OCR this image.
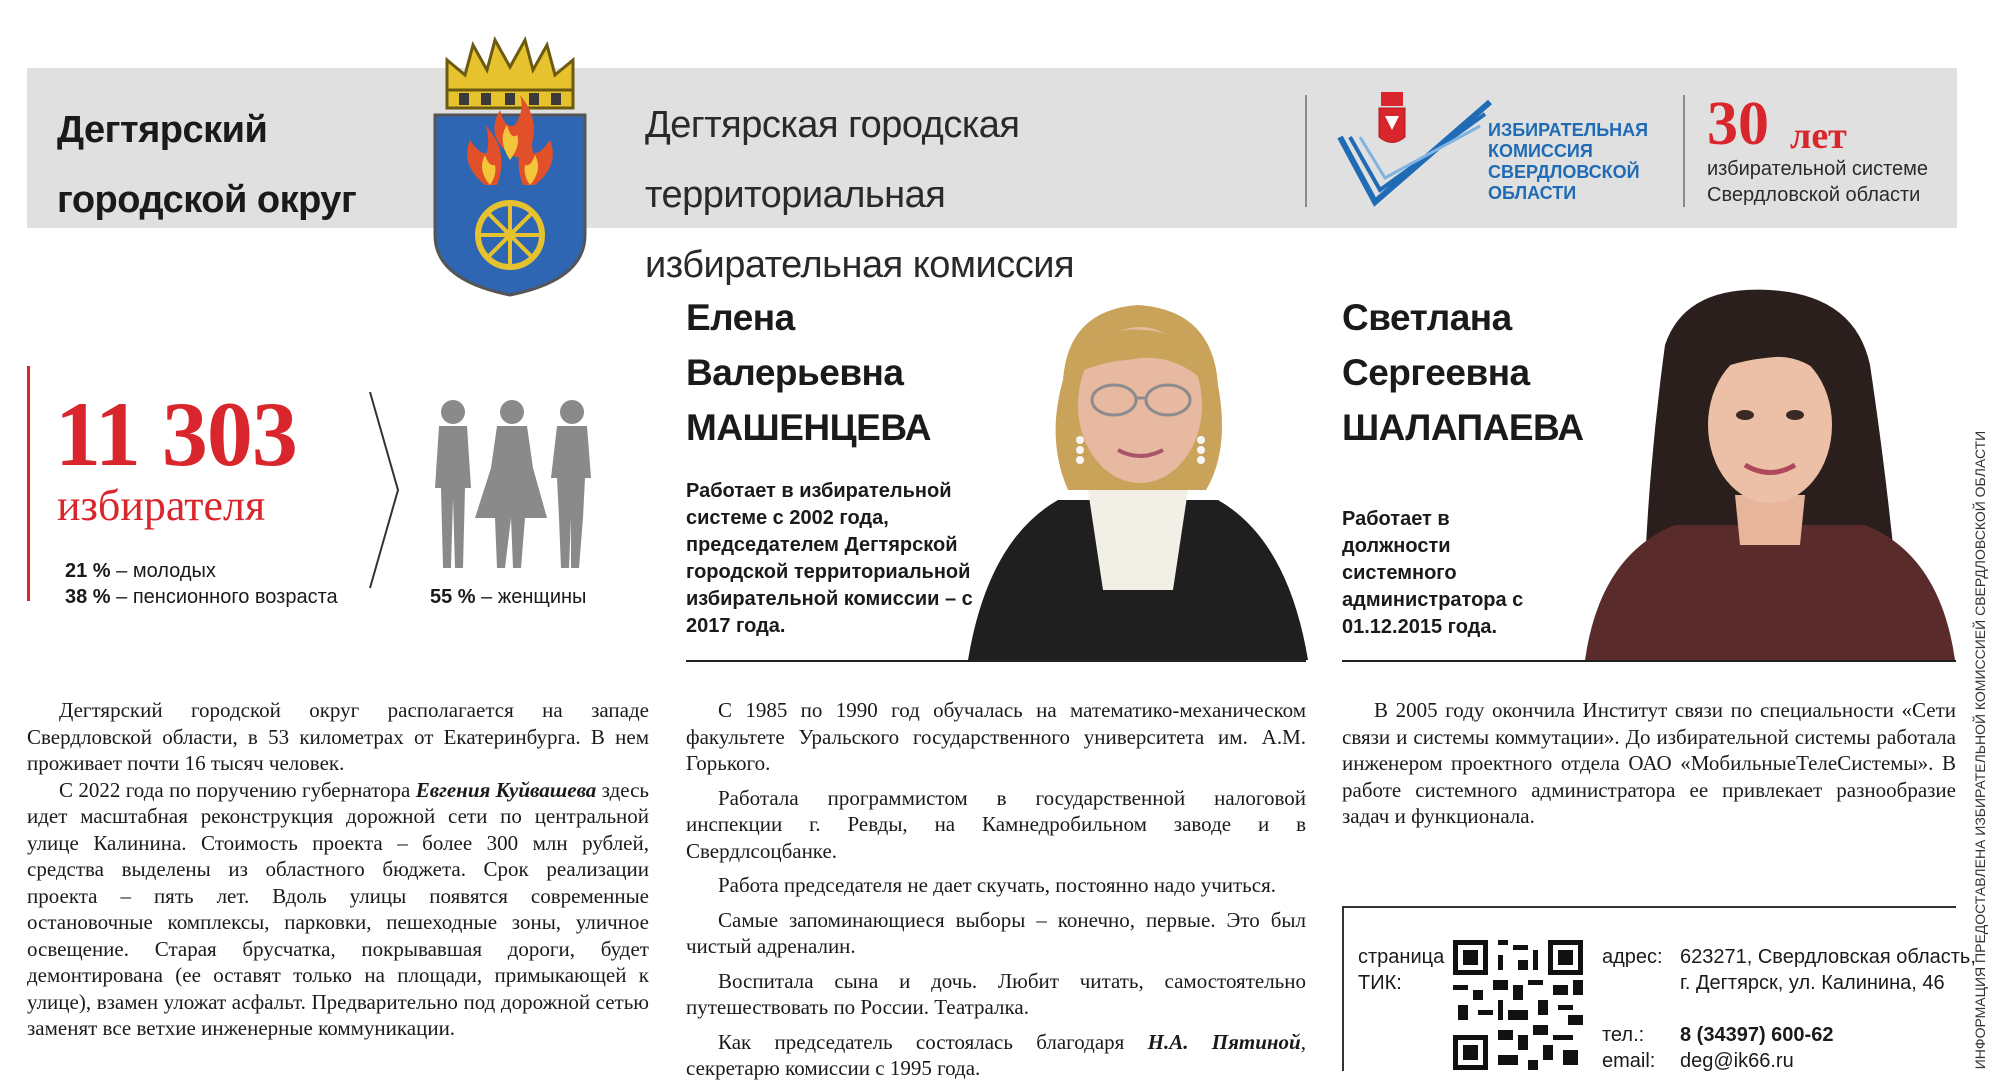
Дегтярский
городской округ
Дегтярская городская территориальная
избирательная комиссия
ИЗБИРАТЕЛЬНАЯ
КОМИССИЯ
СВЕРДЛОВСКОЙ
ОБЛАСТИ
30 лет
избирательной системе
Свердловской области
11 303
избирателя
21 % – молодых
38 % – пенсионного возраста	55 % – женщины
Елена
Валерьевна
МАШЕНЦЕВА
Работает в избирательной системе с 2002 года, председателем Дегтярской городской территориальной избирательной комиссии – с 2017 года.
Светлана
Сергеевна
ШАЛАПАЕВА
Работает в должности системного администратора с 01.12.2015 года.

Дегтярский городской округ располагается на западе Свердловской области, в 53 километрах от Екатеринбурга. В нем проживает почти 16 тысяч человек.

С 2022 года по поручению губернатора Евгения Куйвашева здесь идет масштабная реконструкция дорожной сети по центральной улице Калинина. Стоимость проекта – более 300 млн рублей, средства выделены из областного бюджета. Срок реализации проекта – пять лет. Вдоль улицы появятся современные остановочные комплексы, парковки, пешеходные зоны, уличное освещение. Старая брусчатка, покрывавшая дороги, будет демонтирована (ее оставят только на площади, примыкающей к улице), взамен уложат асфальт. Предварительно под дорожной сетью заменят все ветхие инженерные коммуникации.

С 1985 по 1990 год обучалась на математико-механическом факультете Уральского государственного университета им. А.М. Горького.

Работала программистом в государственной налоговой инспекции г. Ревды, на Камнедробильном заводе и в Свердлсоцбанке.

Работа председателя не дает скучать, постоянно надо учиться.

Самые запоминающиеся выборы – конечно, первые. Это был чистый адреналин.

Воспитала сына и дочь. Любит читать, самостоятельно путешествовать по России. Театралка.

Как председатель состоялась благодаря Н.А. Пятиной, секретарю комиссии с 1995 года.

В 2005 году окончила Институт связи по специальности «Сети связи и системы коммутации». До избирательной системы работала инженером проектного отдела ОАО «МобильныеТелеСистемы». В работе системного администратора ее привлекает разнообразие задач и функционала.

страница
ТИК:
адрес: 623271, Свердловская область,
г. Дегтярск, ул. Калинина, 46
тел.: 8 (34397) 600-62
email: deg@ik66.ru	ИНФОРМАЦИЯ ПРЕДОСТАВЛЕНА ИЗБИРАТЕЛЬНОЙ КОМИССИЕЙ СВЕРДЛОВСКОЙ ОБЛАСТИ
